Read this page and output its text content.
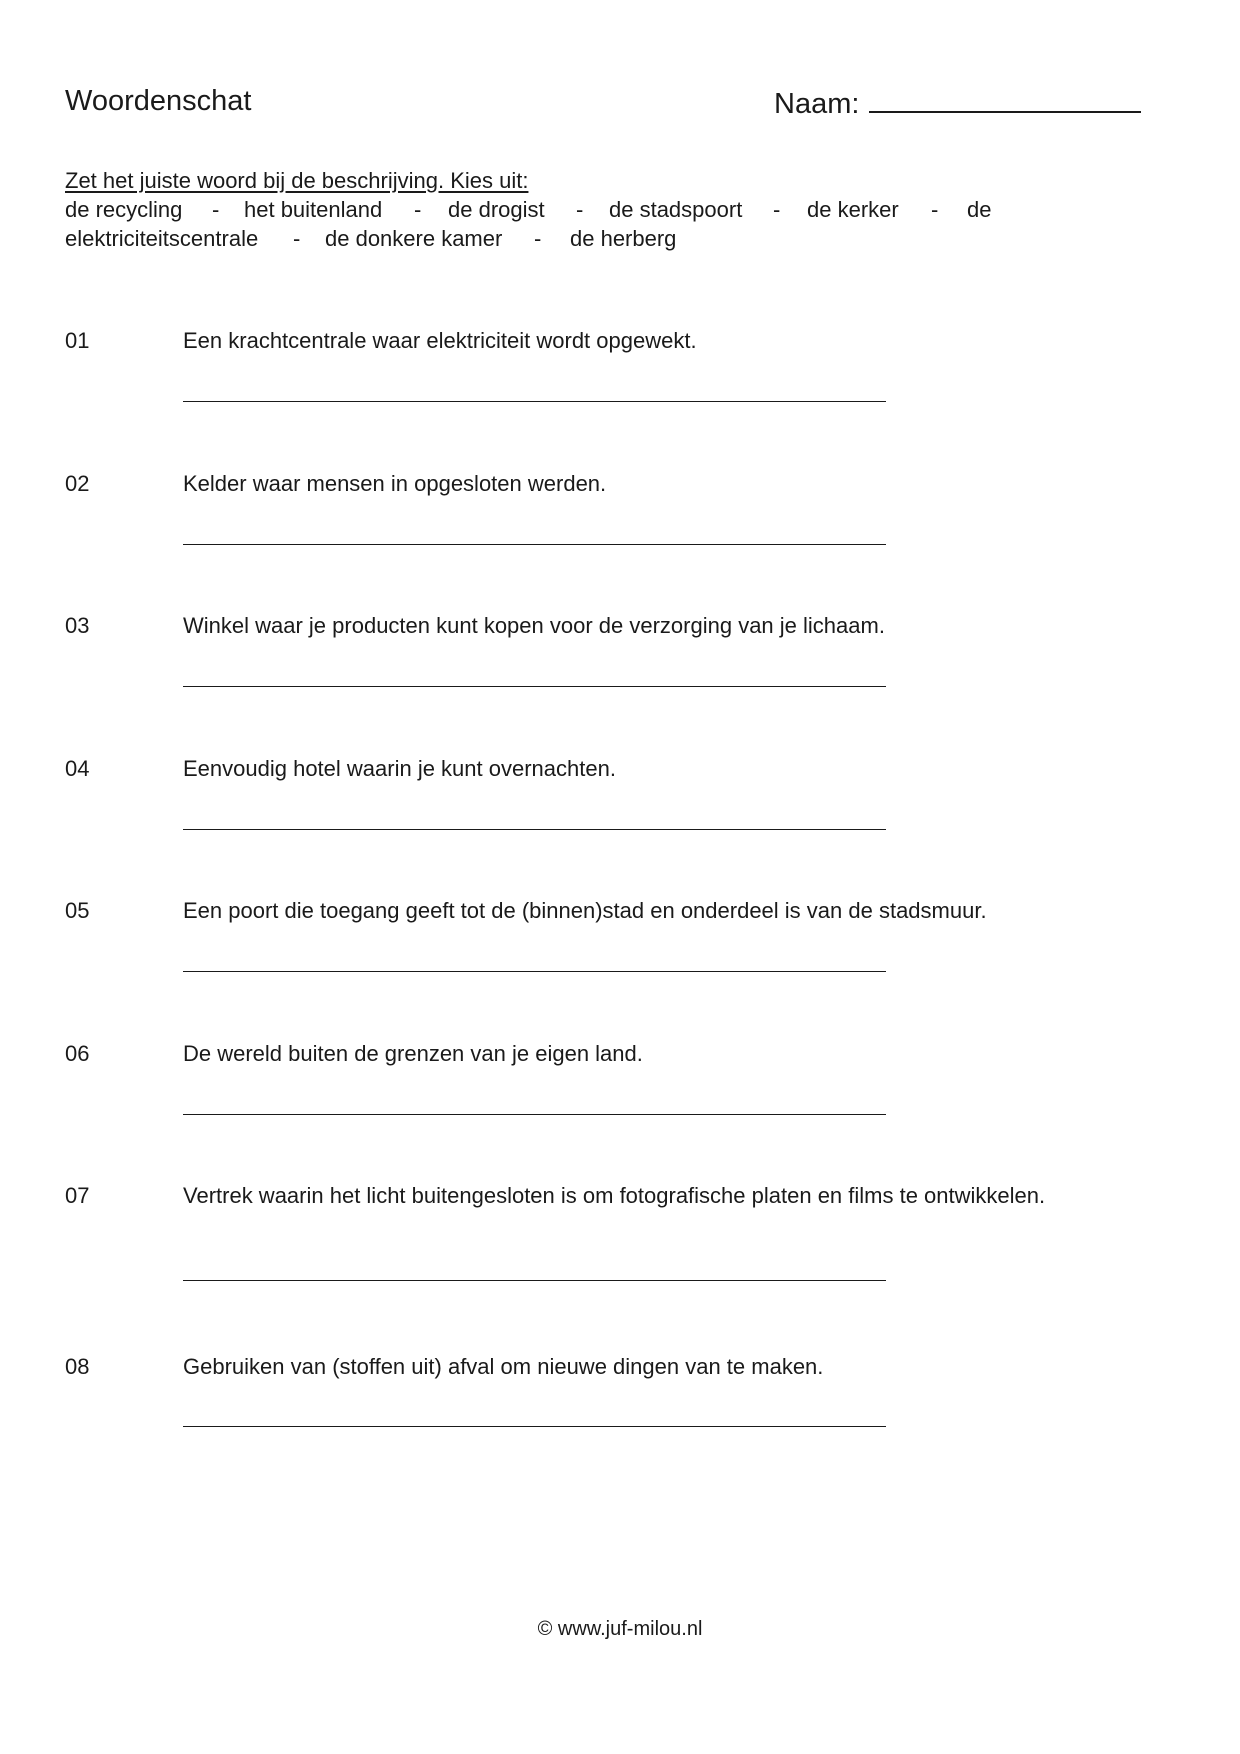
Woordenschat	Naam:
Zet het juiste woord bij de beschrijving. Kies uit:
de recycling - het buitenland - de drogist - de stadspoort - de kerker - de
elektriciteitscentrale - de donkere kamer - de herberg
01	Een krachtcentrale waar elektriciteit wordt opgewekt.
02	Kelder waar mensen in opgesloten werden.
03	Winkel waar je producten kunt kopen voor de verzorging van je lichaam.
04	Eenvoudig hotel waarin je kunt overnachten.
05	Een poort die toegang geeft tot de (binnen)stad en onderdeel is van de stadsmuur.
06	De wereld buiten de grenzen van je eigen land.
07	Vertrek waarin het licht buitengesloten is om fotografische platen en films te ontwikkelen.
08	Gebruiken van (stoffen uit) afval om nieuwe dingen van te maken.
© www.juf-milou.nl
